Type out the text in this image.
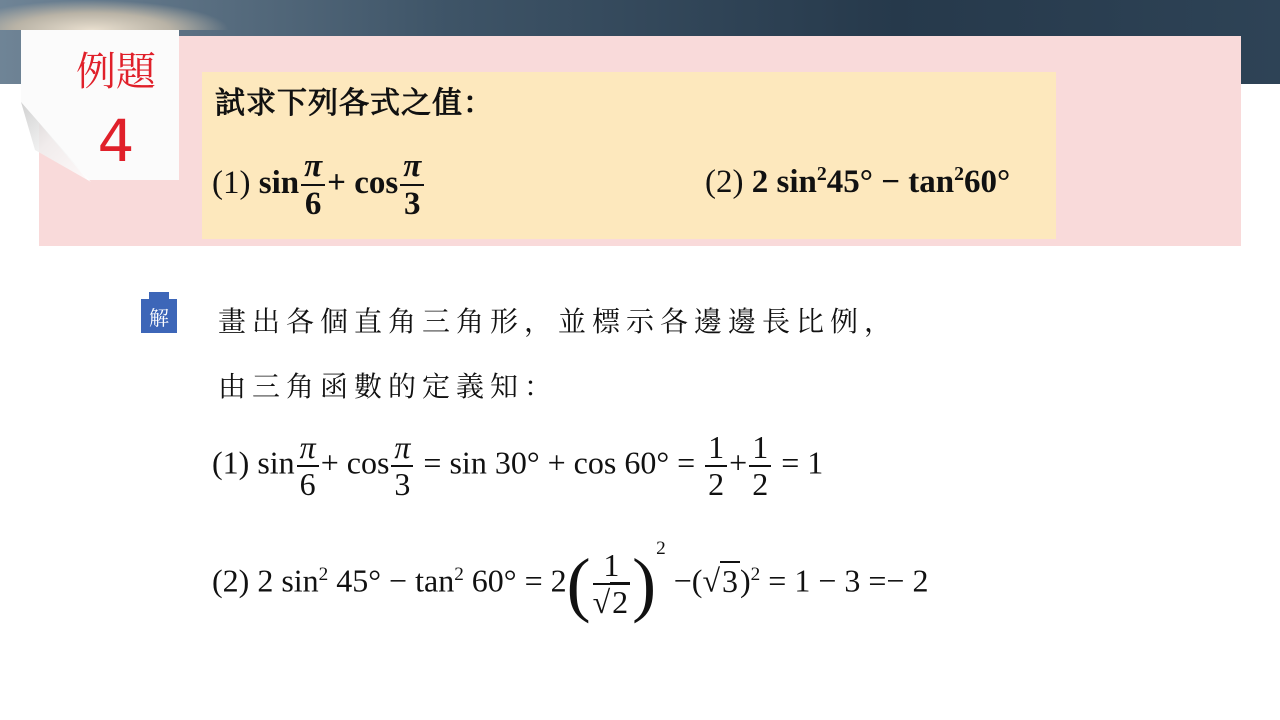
例題
4
試求下列各式之值：
(1) $\sin \frac{\pi}{6} + \cos \frac{\pi}{3}$	(2) 2 $\sin^245^\circ - \tan^260^\circ$
解 畫出各個直角三角形，並標示各邊邊長比例，
由三角函數的定義知：
(1) $\sin \frac{\pi}{6} + \cos \frac{\pi}{3} = \sin 30^\circ + \cos 60^\circ = \frac{1}{2} + \frac{1}{2} = 1$
(2) 2 $\sin^2 45^\circ - \tan^2 60^\circ = 2( \frac{1}{√2} )^2 -(√3)^2 = 1 - 3 =- 2$
